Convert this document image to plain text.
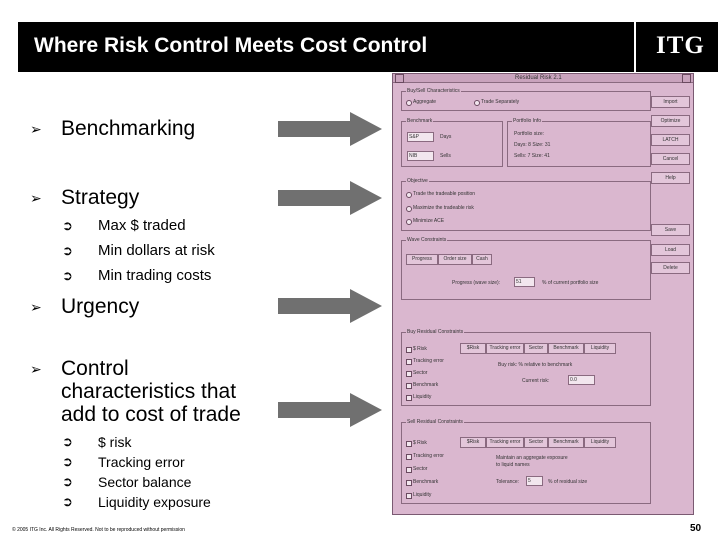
Where Risk Control Meets Cost Control	ITG
➢ Benchmarking
➢ Strategy
➲ Max $ traded
➲ Min dollars at risk
➲ Min trading costs
➢ Urgency
➢ Control
characteristics that
add to cost of trade
➲ $ risk
➲ Tracking error
➲ Sector balance
➲ Liquidity exposure
Residual Risk 2.1
Buy/Sell Characteristics
Aggregate	Trade Separately
Benchmark
S&P	Days
NIB	Sells
Portfolio Info
Portfolio size:
Days: 8 Size: 31
Sells: 7 Size: 41
Objective
Trade the tradeable position
Maximize the tradeable risk
Minimize ACE
Wave Constraints
Progress	Order size	Cash
Progress (wave size):	51	% of current portfolio size
Buy Residual Constraints
$ Risk
Tracking error
Sector
Benchmark
Liquidity
$Risk	Tracking error	Sector	Benchmark	Liquidity
Buy risk: % relative to benchmark
Current risk:	0.0
Sell Residual Constraints
$ Risk
Tracking error
Sector
Benchmark
Liquidity
$Risk	Tracking error	Sector	Benchmark	Liquidity
Maintain an aggregate exposure
to liquid names
Tolerance:	5	% of residual size
Import
Optimize
LATCH
Cancel
Help
Save
Load
Delete
© 2005 ITG Inc. All Rights Reserved. Not to be reproduced without permission	50
